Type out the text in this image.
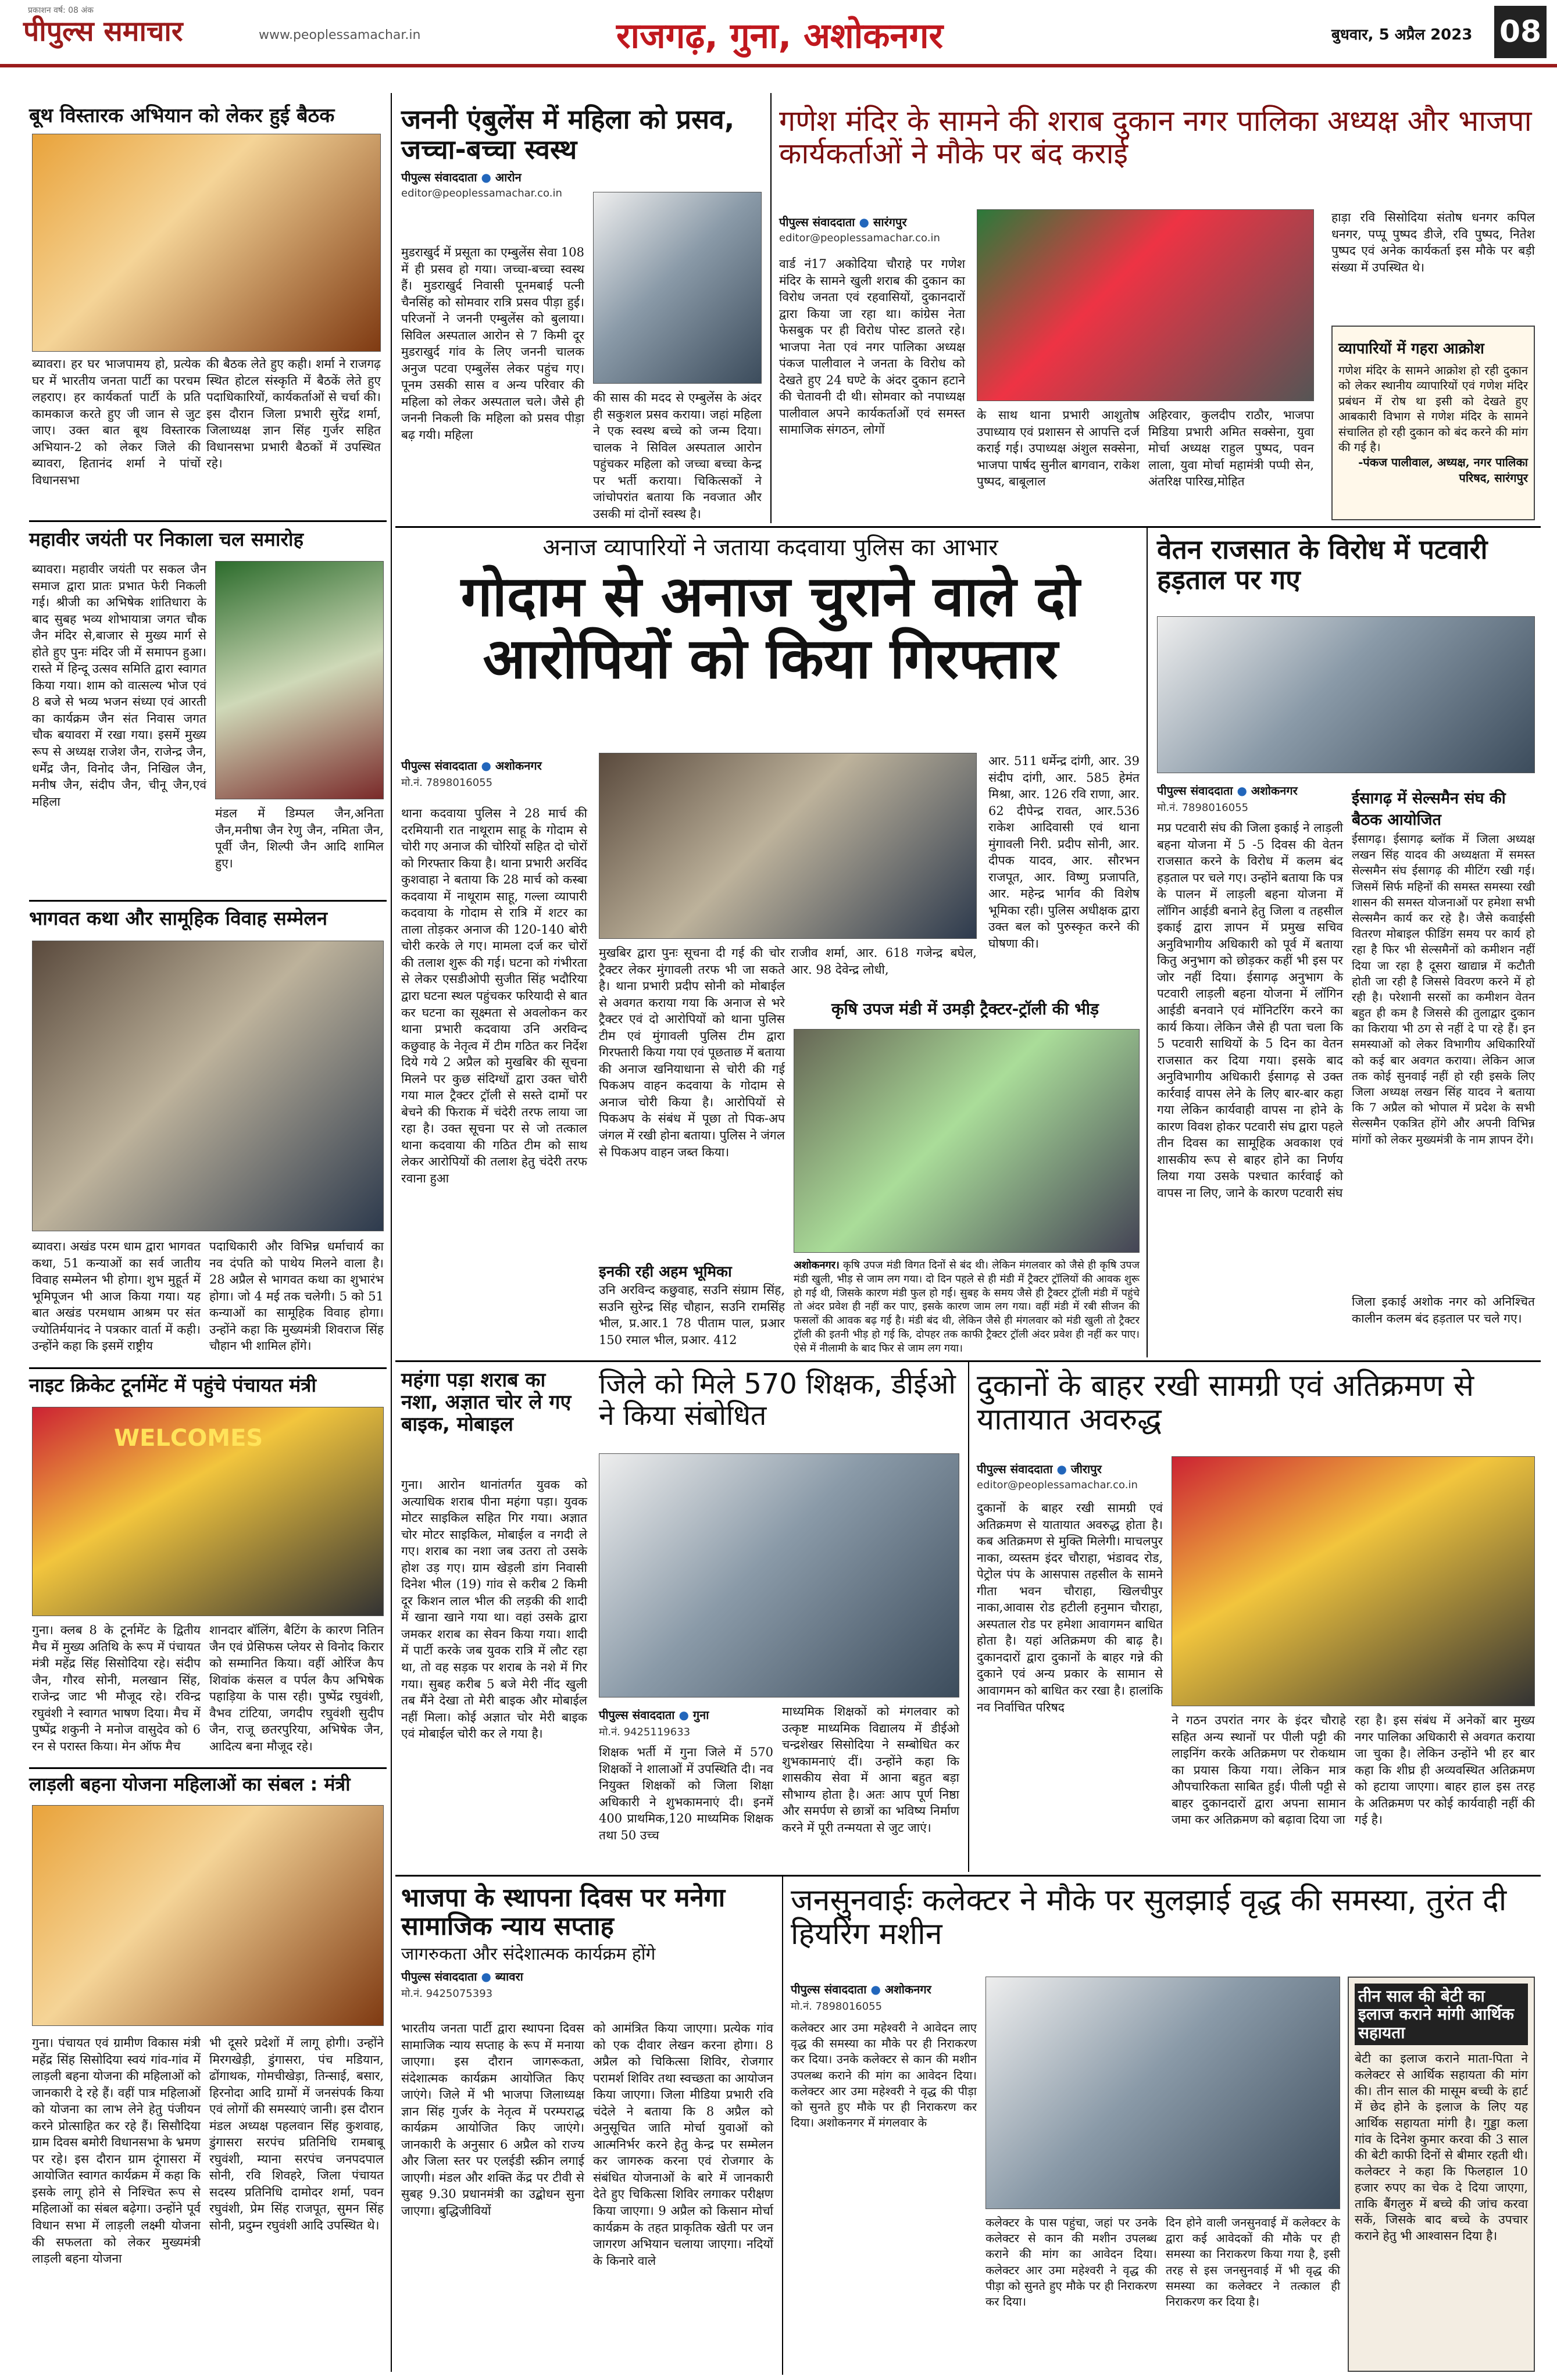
प्रकाशन वर्ष: 08 अंक
पीपुल्स समाचार	www.peoplessamachar.in	राजगढ़, गुना, अशोकनगर	बुधवार, 5 अप्रैल 2023 08
बूथ विस्तारक अभियान को लेकर हुई बैठक
ब्यावरा। हर घर भाजपामय हो, प्रत्येक घर में भारतीय जनता पार्टी का परचम लहराए। हर कार्यकर्ता पार्टी के प्रति कामकाज करते हुए जी जान से जुट जाए। उक्त बात बूथ विस्तारक अभियान-2 को लेकर जिले की ब्यावरा, हितानंद शर्मा ने पांचों विधानसभा
की बैठक लेते हुए कही। शर्मा ने राजगढ़ स्थित होटल संस्कृति में बैठकें लेते हुए पदाधिकारियों, कार्यकर्ताओं से चर्चा की। इस दौरान जिला प्रभारी सुरेंद्र शर्मा, जिलाध्यक्ष ज्ञान सिंह गुर्जर सहित विधानसभा प्रभारी बैठकों में उपस्थित रहे।
महावीर जयंती पर निकाला चल समारोह
ब्यावरा। महावीर जयंती पर सकल जैन समाज द्वारा प्रातः प्रभात फेरी निकली गई। श्रीजी का अभिषेक शांतिधारा के बाद सुबह भव्य शोभायात्रा जगत चौक जैन मंदिर से,बाजार से मुख्य मार्ग से होते हुए पुनः मंदिर जी में समापन हुआ। रास्ते में हिन्दू उत्सव समिति द्वारा स्वागत किया गया। शाम को वात्सल्य भोज एवं 8 बजे से भव्य भजन संध्या एवं आरती का कार्यक्रम जैन संत निवास जगत चौक बयावरा में रखा गया। इसमें मुख्य रूप से अध्यक्ष राजेश जैन, राजेन्द्र जैन, धर्मेंद्र जैन, विनोद जैन, निखिल जैन, मनीष जैन, संदीप जैन, चीनू जैन,एवं महिला
मंडल में डिम्पल जैन,अनिता जैन,मनीषा जैन रेणु जैन, नमिता जैन, पूर्वी जैन, शिल्पी जैन आदि शामिल हुए।
भागवत कथा और सामूहिक विवाह सम्मेलन
ब्यावरा। अखंड परम धाम द्वारा भागवत कथा, 51 कन्याओं का सर्व जातीय विवाह सम्मेलन भी होगा। शुभ मुहूर्त में भूमिपूजन भी आज किया गया। यह बात अखंड परमधाम आश्रम पर संत ज्योतिर्मयानंद ने पत्रकार वार्ता में कही। उन्होंने कहा कि इसमें राष्ट्रीय
पदाधिकारी और विभिन्न धर्माचार्य का नव दंपति को पाथेय मिलने वाला है। 28 अप्रैल से भागवत कथा का शुभारंभ होगा। जो 4 मई तक चलेगी। 5 को 51 कन्याओं का सामूहिक विवाह होगा। उन्होंने कहा कि मुख्यमंत्री शिवराज सिंह चौहान भी शामिल होंगे।
नाइट क्रिकेट टूर्नामेंट में पहुंचे पंचायत मंत्री
WELCOMES
गुना। क्लब 8 के टूर्नामेंट के द्वितीय मैच में मुख्य अतिथि के रूप में पंचायत मंत्री महेंद्र सिंह सिसोदिया रहे। संदीप जैन, गौरव सोनी, मलखान सिंह, राजेन्द्र जाट भी मौजूद रहे। रविन्द्र रघुवंशी ने स्वागत भाषण दिया। मैच में पुष्पेंद्र शकुनी ने मनोज वासुदेव को 6 रन से परास्त किया। मेन ऑफ मैच
शानदार बॉलिंग, बैटिंग के कारण नितिन जैन एवं प्रेसिफस प्लेयर से विनोद किरार को सम्मानित किया। वहीं ओरिंज कैप शिवांक कंसल व पर्पल कैप अभिषेक पहाड़िया के पास रही। पुष्पेंद्र रघुवंशी, वैभव टांटिया, जगदीप रघुवंशी सुदीप जैन, राजू छतरपुरिया, अभिषेक जैन, आदित्य बना मौजूद रहे।
लाड़ली बहना योजना महिलाओं का संबल : मंत्री
गुना। पंचायत एवं ग्रामीण विकास मंत्री महेंद्र सिंह सिसोदिया स्वयं गांव-गांव में लाड़ली बहना योजना की महिलाओं को जानकारी दे रहे हैं। वहीं पात्र महिलाओं को योजना का लाभ लेने हेतु पंजीयन करने प्रोत्साहित कर रहे हैं। सिसौदिया ग्राम दिवस बमोरी विधानसभा के भ्रमण पर रहे। इस दौरान ग्राम दूंगासरा में आयोजित स्वागत कार्यक्रम में कहा कि इसके लागू होने से निश्चित रूप से महिलाओं का संबल बढ़ेगा। उन्होंने पूर्व विधान सभा में लाड़ली लक्ष्मी योजना की सफलता को लेकर मुख्यमंत्री लाड़ली बहना योजना
भी दूसरे प्रदेशों में लागू होगी। उन्होंने मिरगखेड़ी, डुंगासरा, पंच मडियान, ढोंगाथक, गोमचीखेड़ा, तिन्साई, बसार, हिरनोदा आदि ग्रामों में जनसंपर्क किया एवं लोगों की समस्याएं जानी। इस दौरान मंडल अध्यक्ष पहलवान सिंह कुशवाह, डुंगासरा सरपंच प्रतिनिधि रामबाबू रघुवंशी, म्याना सरपंच जनपदपाल सोनी, रवि शिवहरे, जिला पंचायत सदस्य प्रतिनिधि दामोदर शर्मा, पवन रघुवंशी, प्रेम सिंह राजपूत, सुमन सिंह सोनी, प्रदुम्न रघुवंशी आदि उपस्थित थे।
जननी एंबुलेंस में महिला को प्रसव, जच्चा-बच्चा स्वस्थ
पीपुल्स संवाददाता ● आरोन
editor@peoplessamachar.co.in
मुडराखुर्द में प्रसूता का एम्बुलेंस सेवा 108 में ही प्रसव हो गया। जच्चा-बच्चा स्वस्थ हैं। मुडराखुर्द निवासी पूनमबाई पत्नी चैनसिंह को सोमवार रात्रि प्रसव पीड़ा हुई। परिजनों ने जननी एम्बुलेंस को बुलाया। सिविल अस्पताल आरोन से 7 किमी दूर मुडराखुर्द गांव के लिए जननी चालक अनुज पटवा एम्बुलेंस लेकर पहुंच गए। पूनम उसकी सास व अन्य परिवार की महिला को लेकर अस्पताल चले। जैसे ही जननी निकली कि महिला को प्रसव पीड़ा बढ़ गयी। महिला
की सास की मदद से एम्बुलेंस के अंदर ही सकुशल प्रसव कराया। जहां महिला ने एक स्वस्थ बच्चे को जन्म दिया। चालक ने सिविल अस्पताल आरोन पहुंचकर महिला को जच्चा बच्चा केन्द्र पर भर्ती कराया। चिकित्सकों ने जांचोपरांत बताया कि नवजात और उसकी मां दोनों स्वस्थ है।
गणेश मंदिर के सामने की शराब दुकान नगर पालिका अध्यक्ष और भाजपा कार्यकर्ताओं ने मौके पर बंद कराई
पीपुल्स संवाददाता ● सारंगपुर
editor@peoplessamachar.co.in
वार्ड नं17 अकोदिया चौराहे पर गणेश मंदिर के सामने खुली शराब की दुकान का विरोध जनता एवं रहवासियों, दुकानदारों द्वारा किया जा रहा था। कांग्रेस नेता फेसबुक पर ही विरोध पोस्ट डालते रहे। भाजपा नेता एवं नगर पालिका अध्यक्ष पंकज पालीवाल ने जनता के विरोध को देखते हुए 24 घण्टे के अंदर दुकान हटाने की चेतावनी दी थी। सोमवार को नपाध्यक्ष पालीवाल अपने कार्यकर्ताओं एवं समस्त सामाजिक संगठन, लोगों
के साथ थाना प्रभारी आशुतोष उपाध्याय एवं प्रशासन से आपत्ति दर्ज कराई गई। उपाध्यक्ष अंशुल सक्सेना, भाजपा पार्षद सुनील बागवान, राकेश पुष्पद, बाबूलाल
अहिरवार, कुलदीप राठौर, भाजपा मिडिया प्रभारी अमित सक्सेना, युवा मोर्चा अध्यक्ष राहुल पुष्पद, पवन लाला, युवा मोर्चा महामंत्री पप्पी सेन, अंतरिक्ष पारिख,मोहित
हाड़ा रवि सिसोदिया संतोष धनगर कपिल धनगर, पप्पू पुष्पद डीजे, रवि पुष्पद, नितेश पुष्पद एवं अनेक कार्यकर्ता इस मौके पर बड़ी संख्या में उपस्थित थे।
व्यापारियों में गहरा आक्रोश
गणेश मंदिर के सामने आक्रोश हो रही दुकान को लेकर स्थानीय व्यापारियों एवं गणेश मंदिर प्रबंधन में रोष था इसी को देखते हुए आबकारी विभाग से गणेश मंदिर के सामने संचालित हो रही दुकान को बंद करने की मांग की गई है।
-पंकज पालीवाल, अध्यक्ष, नगर पालिका परिषद, सारंगपुर
अनाज व्यापारियों ने जताया कदवाया पुलिस का आभार
गोदाम से अनाज चुराने वाले दो आरोपियों को किया गिरफ्तार
पीपुल्स संवाददाता ● अशोकनगर
मो.नं. 7898016055
थाना कदवाया पुलिस ने 28 मार्च की दरमियानी रात नाथूराम साहू के गोदाम से चोरी गए अनाज की चोरियों सहित दो चोरों को गिरफ्तार किया है। थाना प्रभारी अरविंद कुशवाहा ने बताया कि 28 मार्च को कस्बा कदवाया में नाथूराम साहू, गल्ला व्यापारी कदवाया के गोदाम से रात्रि में शटर का ताला तोड़कर अनाज की 120-140 बोरी चोरी करके ले गए। मामला दर्ज कर चोरों की तलाश शुरू की गई। घटना को गंभीरता से लेकर एसडीओपी सुजीत सिंह भदौरिया द्वारा घटना स्थल पहुंचकर फरियादी से बात कर घटना का सूक्ष्मता से अवलोकन कर थाना प्रभारी कदवाया उनि अरविन्द कछुवाह के नेतृत्व में टीम गठित कर निर्देश दिये गये 2 अप्रैल को मुखबिर की सूचना मिलने पर कुछ संदिग्धों द्वारा उक्त चोरी गया माल ट्रैक्टर ट्रॉली से सस्ते दामों पर बेचने की फिराक में चंदेरी तरफ लाया जा रहा है। उक्त सूचना पर से जो तत्काल थाना कदवाया की गठित टीम को साथ लेकर आरोपियों की तलाश हेतु चंदेरी तरफ रवाना हुआ
मुखबिर द्वारा पुनः सूचना दी गई की चोर ट्रैक्टर लेकर मुंगावली तरफ भी जा सकते है। थाना प्रभारी प्रदीप सोनी को मोबाईल से अवगत कराया गया कि अनाज से भरे ट्रैक्टर एवं दो आरोपियों को थाना पुलिस टीम एवं मुंगावली पुलिस टीम द्वारा गिरफ्तारी किया गया एवं पूछताछ में बताया की अनाज खनियाधाना से चोरी की गई पिकअप वाहन कदवाया के गोदाम से अनाज चोरी किया है। आरोपियों से पिकअप के संबंध में पूछा तो पिक-अप जंगल में रखी होना बताया। पुलिस ने जंगल से पिकअप वाहन जब्त किया।
राजीव शर्मा, आर. 618 गजेन्द्र बघेल, आर. 98 देवेन्द्र लोधी,
आर. 511 धर्मेन्द्र दांगी, आर. 39 संदीप दांगी, आर. 585 हेमंत मिश्रा, आर. 126 रवि राणा, आर. 62 दीपेन्द्र रावत, आर.536 राकेश आदिवासी एवं थाना मुंगावली निरी. प्रदीप सोनी, आर. दीपक यादव, आर. सौरभन राजपूत, आर. विष्णु प्रजापति, आर. महेन्द्र भार्गव की विशेष भूमिका रही। पुलिस अधीक्षक द्वारा उक्त बल को पुरुस्कृत करने की घोषणा की।
इनकी रही अहम भूमिका
उनि अरविन्द कछुवाह, सउनि संग्राम सिंह, सउनि सुरेन्द्र सिंह चौहान, सउनि रामसिंह भील, प्र.आर.1 78 पीताम पाल, प्रआर 150 रमाल भील, प्रआर. 412
कृषि उपज मंडी में उमड़ी ट्रैक्टर-ट्रॉली की भीड़
अशोकनगर। कृषि उपज मंडी विगत दिनों से बंद थी। लेकिन मंगलवार को जैसे ही कृषि उपज मंडी खुली, भीड़ से जाम लग गया। दो दिन पहले से ही मंडी में ट्रैक्टर ट्रॉलियों की आवक शुरू हो गई थी, जिसके कारण मंडी फुल हो गई। सुबह के समय जैसे ही ट्रैक्टर ट्रॉली मंडी में पहुंचे तो अंदर प्रवेश ही नहीं कर पाए, इसके कारण जाम लग गया। वहीं मंडी में रबी सीजन की फसलों की आवक बढ़ गई है। मंडी बंद थी, लेकिन जैसे ही मंगलवार को मंडी खुली तो ट्रैक्टर ट्रॉली की इतनी भीड़ हो गई कि, दोपहर तक काफी ट्रैक्टर ट्रॉली अंदर प्रवेश ही नहीं कर पाए। ऐसे में नीलामी के बाद फिर से जाम लग गया।
वेतन राजसात के विरोध में पटवारी हड़ताल पर गए
पीपुल्स संवाददाता ● अशोकनगर
मो.नं. 7898016055
मप्र पटवारी संघ की जिला इकाई ने लाड़ली बहना योजना में 5 -5 दिवस की वेतन राजसात करने के विरोध में कलम बंद हड़ताल पर चले गए। उन्होंने बताया कि पत्र के पालन में लाड़ली बहना योजना में लॉगिन आईडी बनाने हेतु जिला व तहसील इकाई द्वारा ज्ञापन में प्रमुख सचिव अनुविभागीय अधिकारी को पूर्व में बताया कितु अनुभाग को छोड़कर कहीं भी इस पर जोर नहीं दिया। ईसागढ़ अनुभाग के पटवारी लाड़ली बहना योजना में लॉगिन आईडी बनवाने एवं मॉनिटरिंग करने का कार्य किया। लेकिन जैसे ही पता चला कि 5 पटवारी साथियों के 5 दिन का वेतन राजसात कर दिया गया। इसके बाद अनुविभागीय अधिकारी ईसागढ़ से उक्त कार्रवाई वापस लेने के लिए बार-बार कहा गया लेकिन कार्यवाही वापस ना होने के कारण विवश होकर पटवारी संघ द्वारा पहले तीन दिवस का सामूहिक अवकाश एवं शासकीय रूप से बाहर होने का निर्णय लिया गया उसके पश्चात कार्रवाई को वापस ना लिए, जाने के कारण पटवारी संघ
ईसागढ़ में सेल्समैन संघ की बैठक आयोजित
ईसागढ़। ईसागढ़ ब्लॉक में जिला अध्यक्ष लखन सिंह यादव की अध्यक्षता में समस्त सेल्समैन संघ ईसागढ़ की मीटिंग रखी गई। जिसमें सिर्फ महिनों की समस्त समस्या रखी शासन की समस्त योजनाओं पर हमेशा सभी सेल्समैन कार्य कर रहे है। जैसे कवाईसी वितरण मोबाइल फीडिंग समय पर कार्य हो रहा है फिर भी सेल्समैनों को कमीशन नहीं दिया जा रहा है दूसरा खाद्यान्न में कटौती होती जा रही है जिससे विवरण करने में हो रही है। परेशानी सरसों का कमीशन वेतन बहुत ही कम है जिससे की तुलाद्वार दुकान का किराया भी ठग से नहीं दे पा रहे हैं। इन समस्याओं को लेकर विभागीय अधिकारियों को कई बार अवगत कराया। लेकिन आज तक कोई सुनवाई नहीं हो रही इसके लिए जिला अध्यक्ष लखन सिंह यादव ने बताया कि 7 अप्रैल को भोपाल में प्रदेश के सभी सेल्समैन एकत्रित होंगे और अपनी विभिन्न मांगों को लेकर मुख्यमंत्री के नाम ज्ञापन देंगे।
जिला इकाई अशोक नगर को अनिश्चित कालीन कलम बंद हड़ताल पर चले गए।
महंगा पड़ा शराब का नशा, अज्ञात चोर ले गए बाइक, मोबाइल
गुना। आरोन थानांतर्गत युवक को अत्याधिक शराब पीना महंगा पड़ा। युवक मोटर साइकिल सहित गिर गया। अज्ञात चोर मोटर साइकिल, मोबाईल व नगदी ले गए। शराब का नशा जब उतरा तो उसके होश उड़ गए। ग्राम खेड़ली डांग निवासी दिनेश भील (19) गांव से करीब 2 किमी दूर किशन लाल भील की लड़की की शादी में खाना खाने गया था। वहां उसके द्वारा जमकर शराब का सेवन किया गया। शादी में पार्टी करके जब युवक रात्रि में लौट रहा था, तो वह सड़क पर शराब के नशे में गिर गया। सुबह करीब 5 बजे मेरी नींद खुली तब मैंने देखा तो मेरी बाइक और मोबाईल नहीं मिला। कोई अज्ञात चोर मेरी बाइक एवं मोबाईल चोरी कर ले गया है।
जिले को मिले 570 शिक्षक, डीईओ ने किया संबोधित
पीपुल्स संवाददाता ● गुना
मो.नं. 9425119633
शिक्षक भर्ती में गुना जिले में 570 शिक्षकों ने शालाओं में उपस्थिति दी। नव नियुक्त शिक्षकों को जिला शिक्षा अधिकारी ने शुभकामनाएं दी। इनमें 400 प्राथमिक,120 माध्यमिक शिक्षक तथा 50 उच्च
माध्यमिक शिक्षकों को मंगलवार को उत्कृष्ट माध्यमिक विद्यालय में डीईओ चन्द्रशेखर सिसोदिया ने सम्बोधित कर शुभकामनाएं दीं। उन्होंने कहा कि शासकीय सेवा में आना बहुत बड़ा सौभाग्य होता है। अतः आप पूर्ण निष्ठा और समर्पण से छात्रों का भविष्य निर्माण करने में पूरी तन्मयता से जुट जाएं।
दुकानों के बाहर रखी सामग्री एवं अतिक्रमण से यातायात अवरुद्ध
पीपुल्स संवाददाता ● जीरापुर
editor@peoplessamachar.co.in
दुकानों के बाहर रखी सामग्री एवं अतिक्रमण से यातायात अवरुद्ध होता है। कब अतिक्रमण से मुक्ति मिलेगी। माचलपुर नाका, व्यस्तम इंदर चौराहा, भंडावद रोड, पेट्रोल पंप के आसपास तहसील के सामने गीता भवन चौराहा, खिलचीपुर नाका,आवास रोड हटीली हनुमान चौराहा, अस्पताल रोड पर हमेशा आवागमन बाधित होता है। यहां अतिक्रमण की बाढ़ है। दुकानदारों द्वारा दुकानों के बाहर गन्ने की दुकाने एवं अन्य प्रकार के सामान से आवागमन को बाधित कर रखा है। हालांकि नव निर्वाचित परिषद
ने गठन उपरांत नगर के इंदर चौराहे सहित अन्य स्थानों पर पीली पट्टी की लाइनिंग करके अतिक्रमण पर रोकथाम का प्रयास किया गया। लेकिन मात्र औपचारिकता साबित हुई। पीली पट्टी से बाहर दुकानदारों द्वारा अपना सामान जमा कर अतिक्रमण को बढ़ावा दिया जा
रहा है। इस संबंध में अनेकों बार मुख्य नगर पालिका अधिकारी से अवगत कराया जा चुका है। लेकिन उन्होंने भी हर बार कहा कि शीघ्र ही अव्यवस्थित अतिक्रमण को हटाया जाएगा। बाहर हाल इस तरह के अतिक्रमण पर कोई कार्यवाही नहीं की गई है।
भाजपा के स्थापना दिवस पर मनेगा सामाजिक न्याय सप्ताह
जागरुकता और संदेशात्मक कार्यक्रम होंगे
पीपुल्स संवाददाता ● ब्यावरा
मो.नं. 9425075393
भारतीय जनता पार्टी द्वारा स्थापना दिवस सामाजिक न्याय सप्ताह के रूप में मनाया जाएगा। इस दौरान जागरूकता, संदेशात्मक कार्यक्रम आयोजित किए जाएंगे। जिले में भी भाजपा जिलाध्यक्ष ज्ञान सिंह गुर्जर के नेतृत्व में परम्पराद्ध कार्यक्रम आयोजित किए जाएंगे। जानकारी के अनुसार 6 अप्रैल को राज्य और जिला स्तर पर एलईडी स्क्रीन लगाई जाएगी। मंडल और शक्ति केंद्र पर टीवी से सुबह 9.30 प्रधानमंत्री का उद्बोधन सुना जाएगा। बुद्धिजीवियों
को आमंत्रित किया जाएगा। प्रत्येक गांव को एक दीवार लेखन करना होगा। 8 अप्रैल को चिकित्सा शिविर, रोजगार परामर्श शिविर तथा स्वच्छता का आयोजन किया जाएगा। जिला मीडिया प्रभारी रवि चंदेले ने बताया कि 8 अप्रैल को अनुसूचित जाति मोर्चा युवाओं को आत्मनिर्भर करने हेतु केन्द्र पर सम्मेलन कर जागरुक करना एवं रोजगार के संबंधित योजनाओं के बारे में जानकारी देते हुए चिकित्सा शिविर लगाकर परीक्षण किया जाएगा। 9 अप्रैल को किसान मोर्चा कार्यक्रम के तहत प्राकृतिक खेती पर जन जागरण अभियान चलाया जाएगा। नदियों के किनारे वाले
जनसुनवाईः कलेक्टर ने मौके पर सुलझाई वृद्ध की समस्या, तुरंत दी हियरिंग मशीन
पीपुल्स संवाददाता ● अशोकनगर
मो.नं. 7898016055
कलेक्टर आर उमा महेश्वरी ने आवेदन लाए वृद्ध की समस्या का मौके पर ही निराकरण कर दिया। उनके कलेक्टर से कान की मशीन उपलब्ध कराने की मांग का आवेदन दिया। कलेक्टर आर उमा महेश्वरी ने वृद्ध की पीड़ा को सुनते हुए मौके पर ही निराकरण कर दिया। अशोकनगर में मंगलवार के
कलेक्टर के पास पहुंचा, जहां पर उनके कलेक्टर से कान की मशीन उपलब्ध कराने की मांग का आवेदन दिया। कलेक्टर आर उमा महेश्वरी ने वृद्ध की पीड़ा को सुनते हुए मौके पर ही निराकरण कर दिया।
दिन होने वाली जनसुनवाई में कलेक्टर के द्वारा कई आवेदकों की मौके पर ही समस्या का निराकरण किया गया है, इसी तरह से इस जनसुनवाई में भी वृद्ध की समस्या का कलेक्टर ने तत्काल ही निराकरण कर दिया है।
तीन साल की बेटी का इलाज कराने मांगी आर्थिक सहायता
बेटी का इलाज कराने माता-पिता ने कलेक्टर से आर्थिक सहायता की मांग की। तीन साल की मासूम बच्ची के हार्ट में छेद होने के इलाज के लिए यह आर्थिक सहायता मांगी है। गुड्डा कला गांव के दिनेश कुमार करवा की 3 साल की बेटी काफी दिनों से बीमार रहती थी। कलेक्टर ने कहा कि फिलहाल 10 हजार रुपए का चेक दे दिया जाएगा, ताकि बैंगलुरु में बच्चे की जांच करवा सकें, जिसके बाद बच्चे के उपचार कराने हेतु भी आश्वासन दिया है।
